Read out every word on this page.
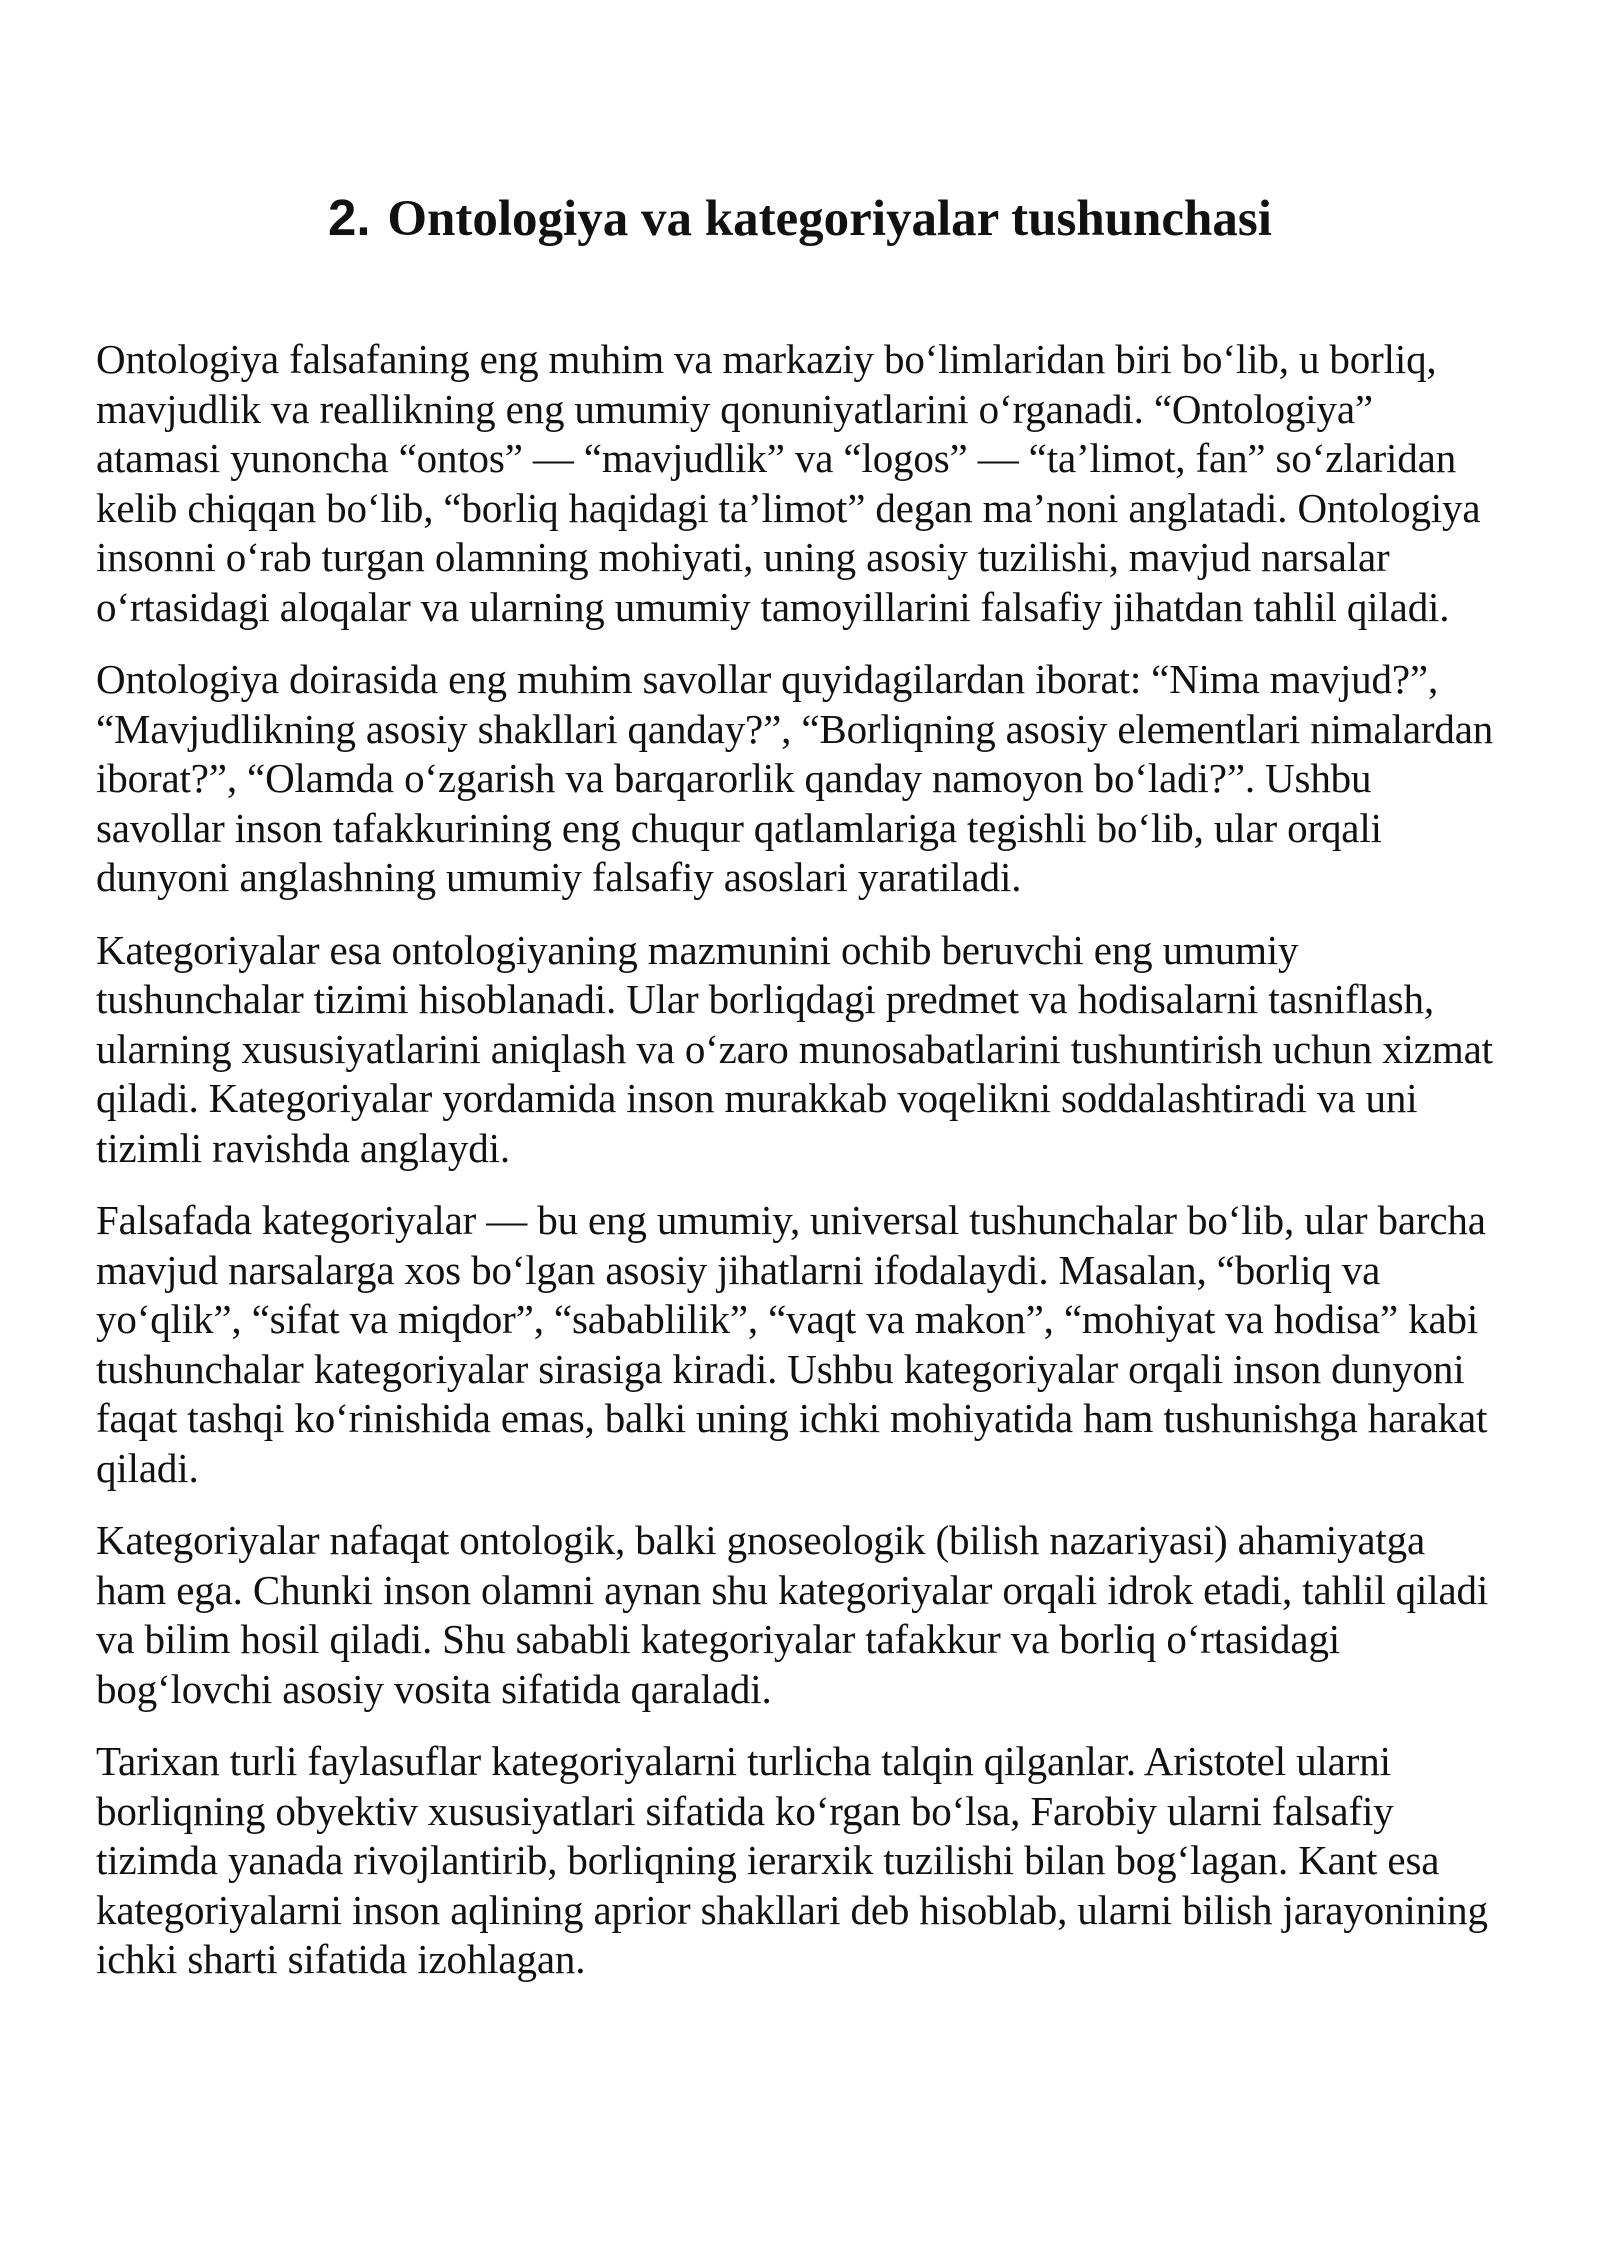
2. Ontologiya va kategoriyalar tushunchasi

Ontologiya falsafaning eng muhim va markaziy bo‘limlaridan biri bo‘lib, u borliq, mavjudlik va reallikning eng umumiy qonuniyatlarini o‘rganadi. “Ontologiya” atamasi yunoncha “ontos” — “mavjudlik” va “logos” — “ta’limot, fan” so‘zlaridan kelib chiqqan bo‘lib, “borliq haqidagi ta’limot” degan ma’noni anglatadi. Ontologiya insonni o‘rab turgan olamning mohiyati, uning asosiy tuzilishi, mavjud narsalar o‘rtasidagi aloqalar va ularning umumiy tamoyillarini falsafiy jihatdan tahlil qiladi.

Ontologiya doirasida eng muhim savollar quyidagilardan iborat: “Nima mavjud?”, “Mavjudlikning asosiy shakllari qanday?”, “Borliqning asosiy elementlari nimalardan iborat?”, “Olamda o‘zgarish va barqarorlik qanday namoyon bo‘ladi?”. Ushbu savollar inson tafakkurining eng chuqur qatlamlariga tegishli bo‘lib, ular orqali dunyoni anglashning umumiy falsafiy asoslari yaratiladi.

Kategoriyalar esa ontologiyaning mazmunini ochib beruvchi eng umumiy tushunchalar tizimi hisoblanadi. Ular borliqdagi predmet va hodisalarni tasniflash, ularning xususiyatlarini aniqlash va o‘zaro munosabatlarini tushuntirish uchun xizmat qiladi. Kategoriyalar yordamida inson murakkab voqelikni soddalashtiradi va uni tizimli ravishda anglaydi.

Falsafada kategoriyalar — bu eng umumiy, universal tushunchalar bo‘lib, ular barcha mavjud narsalarga xos bo‘lgan asosiy jihatlarni ifodalaydi. Masalan, “borliq va yo‘qlik”, “sifat va miqdor”, “sabablilik”, “vaqt va makon”, “mohiyat va hodisa” kabi tushunchalar kategoriyalar sirasiga kiradi. Ushbu kategoriyalar orqali inson dunyoni faqat tashqi ko‘rinishida emas, balki uning ichki mohiyatida ham tushunishga harakat qiladi.

Kategoriyalar nafaqat ontologik, balki gnoseologik (bilish nazariyasi) ahamiyatga ham ega. Chunki inson olamni aynan shu kategoriyalar orqali idrok etadi, tahlil qiladi va bilim hosil qiladi. Shu sababli kategoriyalar tafakkur va borliq o‘rtasidagi bog‘lovchi asosiy vosita sifatida qaraladi.

Tarixan turli faylasuflar kategoriyalarni turlicha talqin qilganlar. Aristotel ularni borliqning obyektiv xususiyatlari sifatida ko‘rgan bo‘lsa, Farobiy ularni falsafiy tizimda yanada rivojlantirib, borliqning ierarxik tuzilishi bilan bog‘lagan. Kant esa kategoriyalarni inson aqlining aprior shakllari deb hisoblab, ularni bilish jarayonining ichki sharti sifatida izohlagan.
